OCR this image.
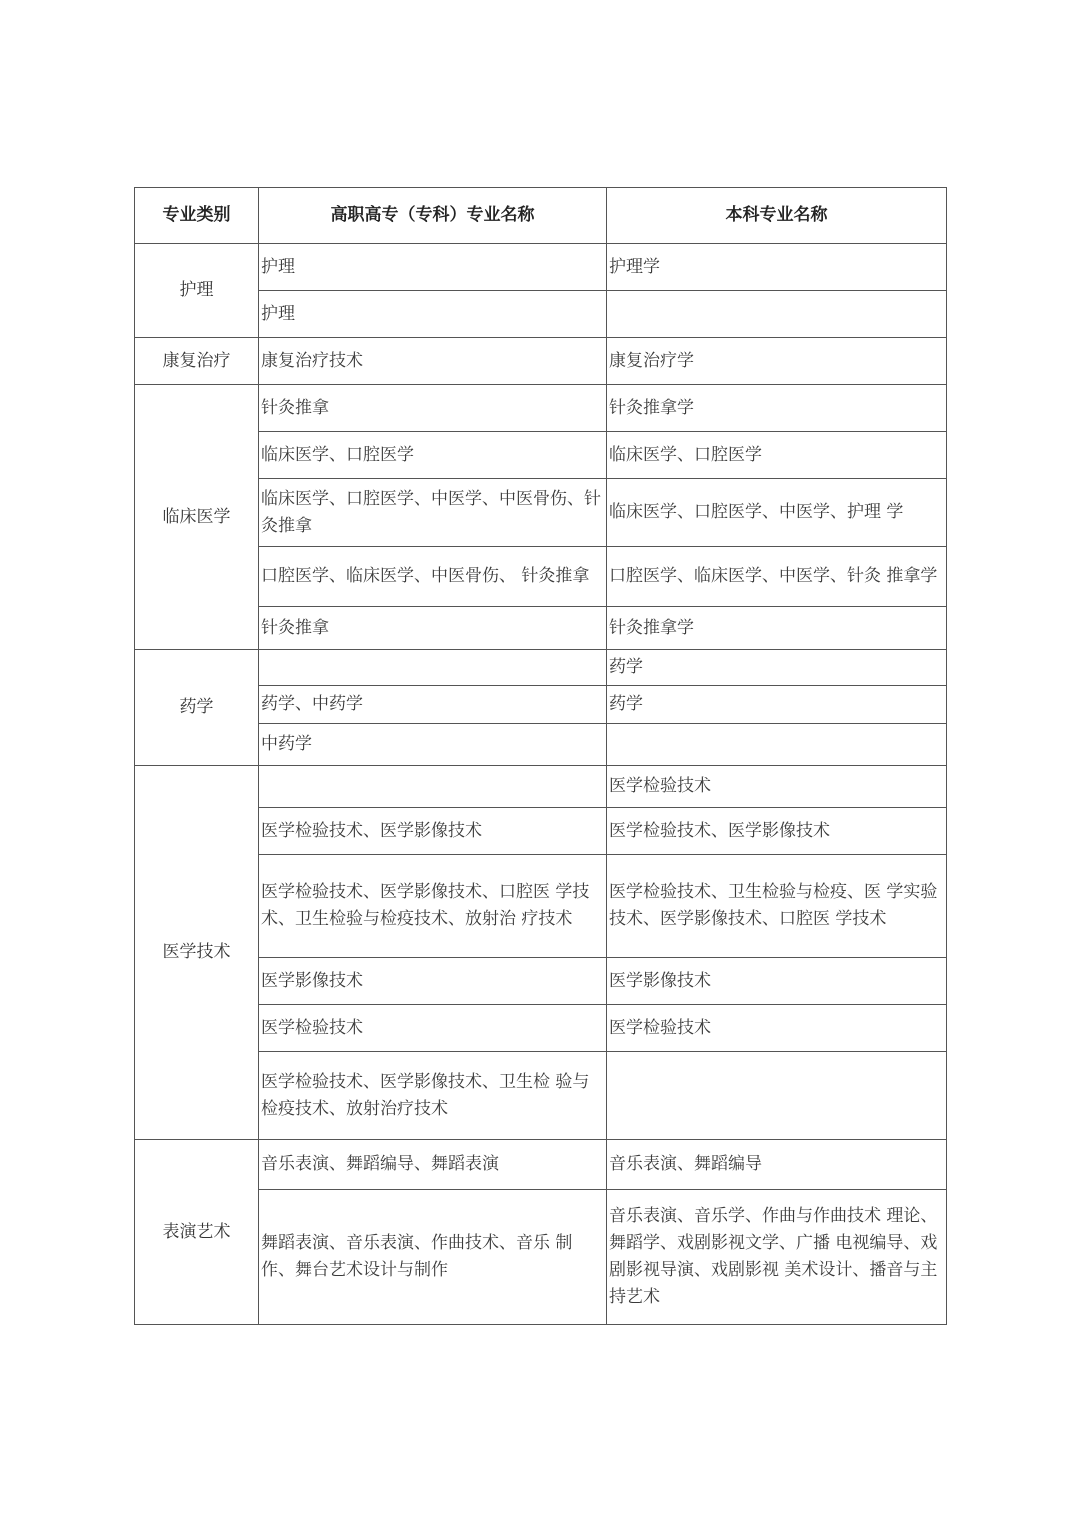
专业类别	高职高专（专科）专业名称	本科专业名称
护理	护理	护理学
	护理	
康复治疗	康复治疗技术	康复治疗学
临床医学	针灸推拿	针灸推拿学
	临床医学、口腔医学	临床医学、口腔医学
	临床医学、口腔医学、中医学、中医骨伤、针灸推拿	临床医学、口腔医学、中医学、护理 学
	口腔医学、临床医学、中医骨伤、 针灸推拿	口腔医学、临床医学、中医学、针灸 推拿学
	针灸推拿	针灸推拿学
药学		药学
	药学、中药学	药学
	中药学	
医学技术		医学检验技术
	医学检验技术、医学影像技术	医学检验技术、医学影像技术
	医学检验技术、医学影像技术、口腔医 学技术、卫生检验与检疫技术、放射治 疗技术	医学检验技术、卫生检验与检疫、医 学实验技术、医学影像技术、口腔医 学技术
	医学影像技术	医学影像技术
	医学检验技术	医学检验技术
	医学检验技术、医学影像技术、卫生检 验与检疫技术、放射治疗技术	
表演艺术	音乐表演、舞蹈编导、舞蹈表演	音乐表演、舞蹈编导
	舞蹈表演、音乐表演、作曲技术、音乐 制作、舞台艺术设计与制作	音乐表演、音乐学、作曲与作曲技术 理论、舞蹈学、戏剧影视文学、广播 电视编导、戏剧影视导演、戏剧影视 美术设计、播音与主持艺术
